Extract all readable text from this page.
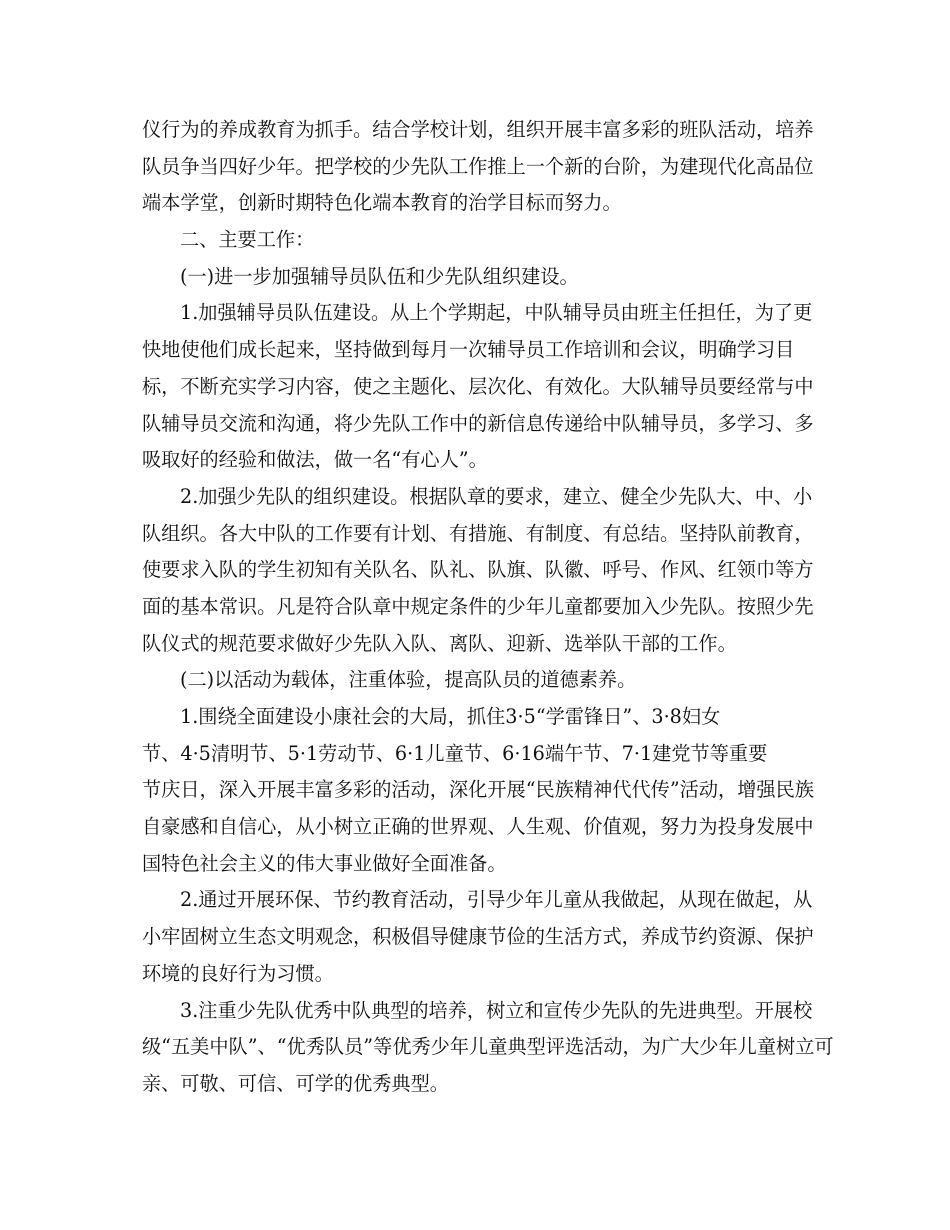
仪行为的养成教育为抓手。结合学校计划，组织开展丰富多彩的班队活动，培养
队员争当四好少年。把学校的少先队工作推上一个新的台阶，为建现代化高品位
端本学堂，创新时期特色化端本教育的治学目标而努力。
二、主要工作：
(一)进一步加强辅导员队伍和少先队组织建设。
1.加强辅导员队伍建设。从上个学期起，中队辅导员由班主任担任，为了更
快地使他们成长起来，坚持做到每月一次辅导员工作培训和会议，明确学习目
标，不断充实学习内容，使之主题化、层次化、有效化。大队辅导员要经常与中
队辅导员交流和沟通，将少先队工作中的新信息传递给中队辅导员，多学习、多
吸取好的经验和做法，做一名“有心人”。
2.加强少先队的组织建设。根据队章的要求，建立、健全少先队大、中、小
队组织。各大中队的工作要有计划、有措施、有制度、有总结。坚持队前教育，
使要求入队的学生初知有关队名、队礼、队旗、队徽、呼号、作风、红领巾等方
面的基本常识。凡是符合队章中规定条件的少年儿童都要加入少先队。按照少先
队仪式的规范要求做好少先队入队、离队、迎新、选举队干部的工作。
(二)以活动为载体，注重体验，提高队员的道德素养。
1.围绕全面建设小康社会的大局，抓住3·5“学雷锋日”、3·8妇女
节、4·5清明节、5·1劳动节、6·1儿童节、6·16端午节、7·1建党节等重要
节庆日，深入开展丰富多彩的活动，深化开展“民族精神代代传”活动，增强民族
自豪感和自信心，从小树立正确的世界观、人生观、价值观，努力为投身发展中
国特色社会主义的伟大事业做好全面准备。
2.通过开展环保、节约教育活动，引导少年儿童从我做起，从现在做起，从
小牢固树立生态文明观念，积极倡导健康节俭的生活方式，养成节约资源、保护
环境的良好行为习惯。
3.注重少先队优秀中队典型的培养，树立和宣传少先队的先进典型。开展校
级“五美中队”、“优秀队员”等优秀少年儿童典型评选活动，为广大少年儿童树立可
亲、可敬、可信、可学的优秀典型。
